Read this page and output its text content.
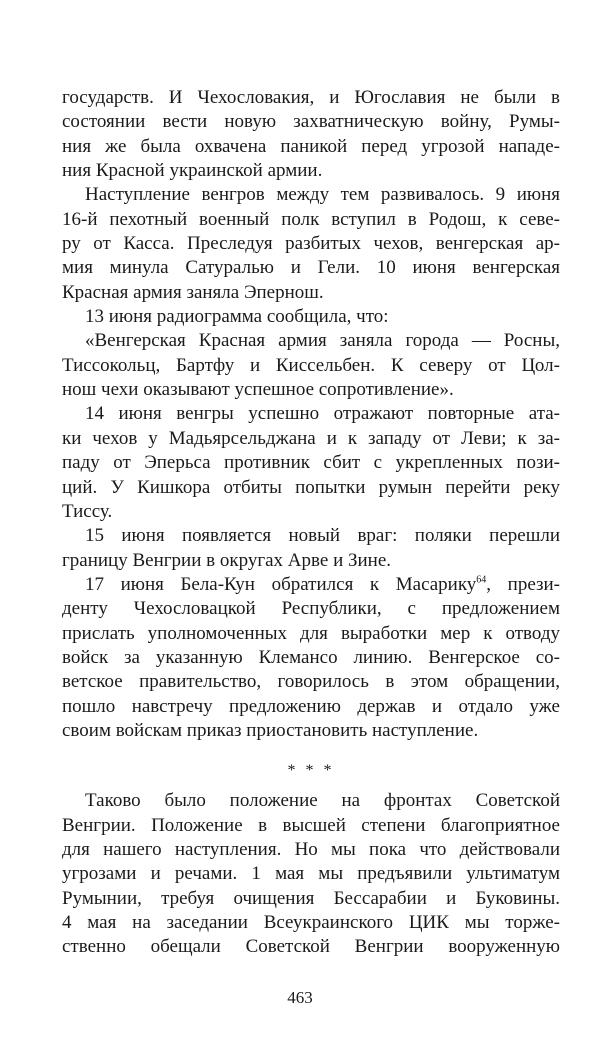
государств. И Чехословакия, и Югославия не были в
состоянии вести новую захватническую войну, Румы-
ния же была охвачена паникой перед угрозой нападе-
ния Красной украинской армии.
Наступление венгров между тем развивалось. 9 июня
16-й пехотный военный полк вступил в Родош, к севе-
ру от Касса. Преследуя разбитых чехов, венгерская ар-
мия минула Сатуралью и Гели. 10 июня венгерская
Красная армия заняла Эпернош.
13 июня радиограмма сообщила, что:
«Венгерская Красная армия заняла города — Росны,
Тиссокольц, Бартфу и Киссельбен. К северу от Цол-
нош чехи оказывают успешное сопротивление».
14 июня венгры успешно отражают повторные ата-
ки чехов у Мадьярсельджана и к западу от Леви; к за-
паду от Эперьса противник сбит с укрепленных пози-
ций. У Кишкора отбиты попытки румын перейти реку
Тиссу.
15 июня появляется новый враг: поляки перешли
границу Венгрии в округах Арве и Зине.
17 июня Бела-Кун обратился к Масарику$^{64}$, прези-
денту Чехословацкой Республики, с предложением
прислать уполномоченных для выработки мер к отводу
войск за указанную Клемансо линию. Венгерское со-
ветское правительство, говорилось в этом обращении,
пошло навстречу предложению держав и отдало уже
своим войскам приказ приостановить наступление.
* * *
Таково было положение на фронтах Советской
Венгрии. Положение в высшей степени благоприятное
для нашего наступления. Но мы пока что действовали
угрозами и речами. 1 мая мы предъявили ультиматум
Румынии, требуя очищения Бессарабии и Буковины.
4 мая на заседании Всеукраинского ЦИК мы торже-
ственно обещали Советской Венгрии вооруженную
463
